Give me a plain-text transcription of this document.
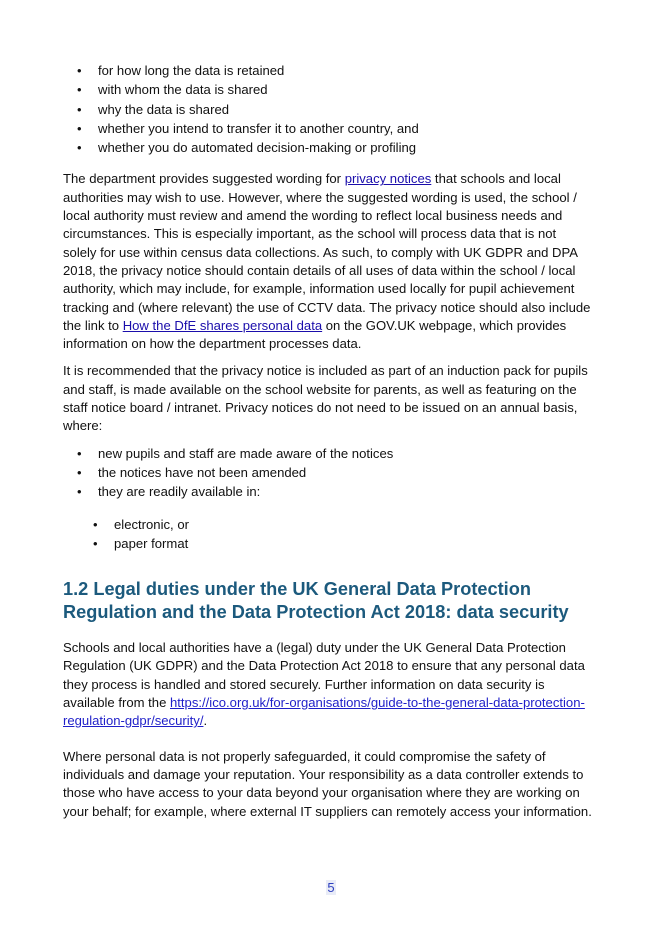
• for how long the data is retained
• with whom the data is shared
• why the data is shared
• whether you intend to transfer it to another country, and
• whether you do automated decision-making or profiling

The department provides suggested wording for privacy notices that schools and local authorities may wish to use. However, where the suggested wording is used, the school / local authority must review and amend the wording to reflect local business needs and circumstances. This is especially important, as the school will process data that is not solely for use within census data collections. As such, to comply with UK GDPR and DPA 2018, the privacy notice should contain details of all uses of data within the school / local authority, which may include, for example, information used locally for pupil achievement tracking and (where relevant) the use of CCTV data. The privacy notice should also include the link to How the DfE shares personal data on the GOV.UK webpage, which provides information on how the department processes data.

It is recommended that the privacy notice is included as part of an induction pack for pupils and staff, is made available on the school website for parents, as well as featuring on the staff notice board / intranet. Privacy notices do not need to be issued on an annual basis, where:

• new pupils and staff are made aware of the notices
• the notices have not been amended
• they are readily available in:
• electronic, or
• paper format
1.2 Legal duties under the UK General Data Protection Regulation and the Data Protection Act 2018: data security

Schools and local authorities have a (legal) duty under the UK General Data Protection Regulation (UK GDPR) and the Data Protection Act 2018 to ensure that any personal data they process is handled and stored securely. Further information on data security is available from the https://ico.org.uk/for-organisations/guide-to-the-general-data-protection-regulation-gdpr/security/.

Where personal data is not properly safeguarded, it could compromise the safety of individuals and damage your reputation. Your responsibility as a data controller extends to those who have access to your data beyond your organisation where they are working on your behalf; for example, where external IT suppliers can remotely access your information.

5
